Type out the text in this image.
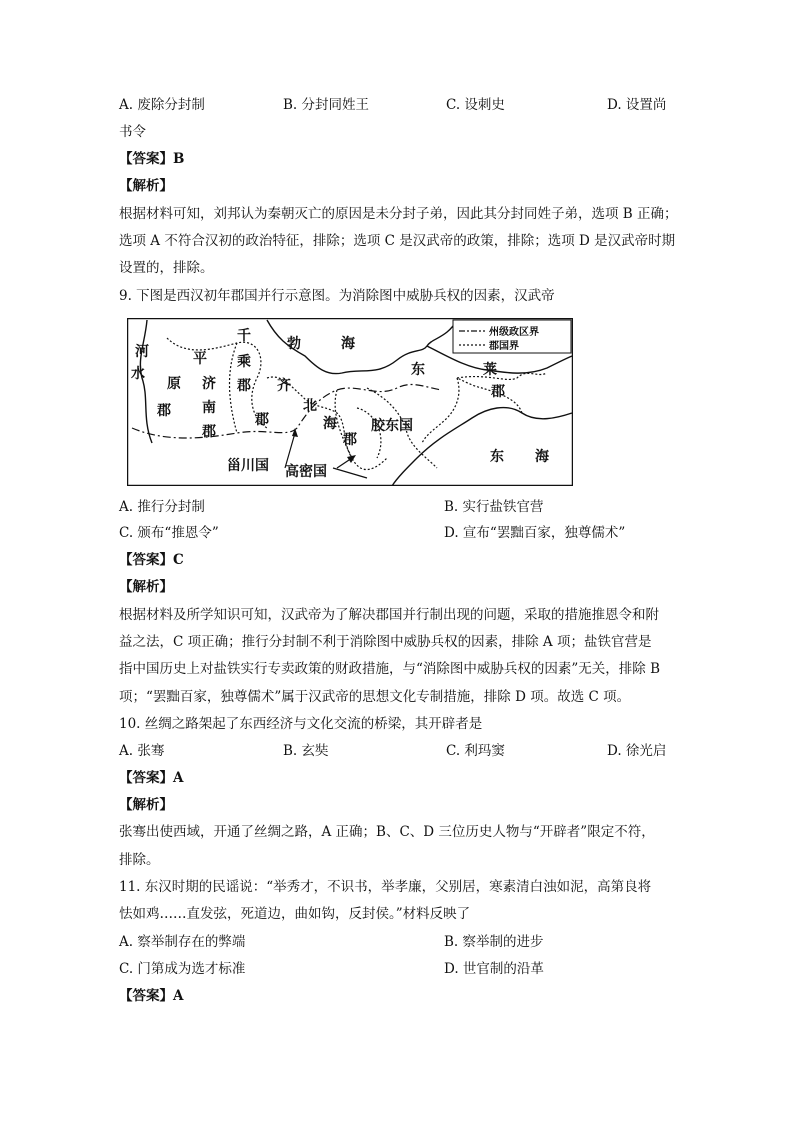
A. 废除分封制	B. 分封同姓王	C. 设刺史	D. 设置尚
书令
【答案】B
【解析】
根据材料可知，刘邦认为秦朝灭亡的原因是未分封子弟，因此其分封同姓子弟，选项 B 正确；
选项 A 不符合汉初的政治特征，排除；选项 C 是汉武帝的政策，排除；选项 D 是汉武帝时期
设置的，排除。
9. 下图是西汉初年郡国并行示意图。为消除图中威胁兵权的因素，汉武帝
州级政区界
郡国界
河	平
原
水
郡
千
乘
郡
济
南
郡
齐
郡
北
海
郡
勃	海
东	莱
郡
胶东国
甾川国 高密国
东 海
A. 推行分封制	B. 实行盐铁官营
C. 颁布“推恩令”	D. 宣布“罢黜百家，独尊儒术”
【答案】C
【解析】
根据材料及所学知识可知，汉武帝为了解决郡国并行制出现的问题，采取的措施推恩令和附
益之法，C 项正确；推行分封制不利于消除图中威胁兵权的因素，排除 A 项；盐铁官营是
指中国历史上对盐铁实行专卖政策的财政措施，与“消除图中威胁兵权的因素”无关，排除 B
项；“罢黜百家，独尊儒术”属于汉武帝的思想文化专制措施，排除 D 项。故选 C 项。
10. 丝绸之路架起了东西经济与文化交流的桥梁，其开辟者是
A. 张骞	B. 玄奘	C. 利玛窦	D. 徐光启
【答案】A
【解析】
张骞出使西域，开通了丝绸之路，A 正确；B、C、D 三位历史人物与“开辟者”限定不符，
排除。
11. 东汉时期的民谣说：“举秀才，不识书，举孝廉，父别居，寒素清白浊如泥，高第良将
怯如鸡……直发弦，死道边，曲如钩，反封侯。”材料反映了
A. 察举制存在的弊端	B. 察举制的进步
C. 门第成为选才标准	D. 世官制的沿革
【答案】A
